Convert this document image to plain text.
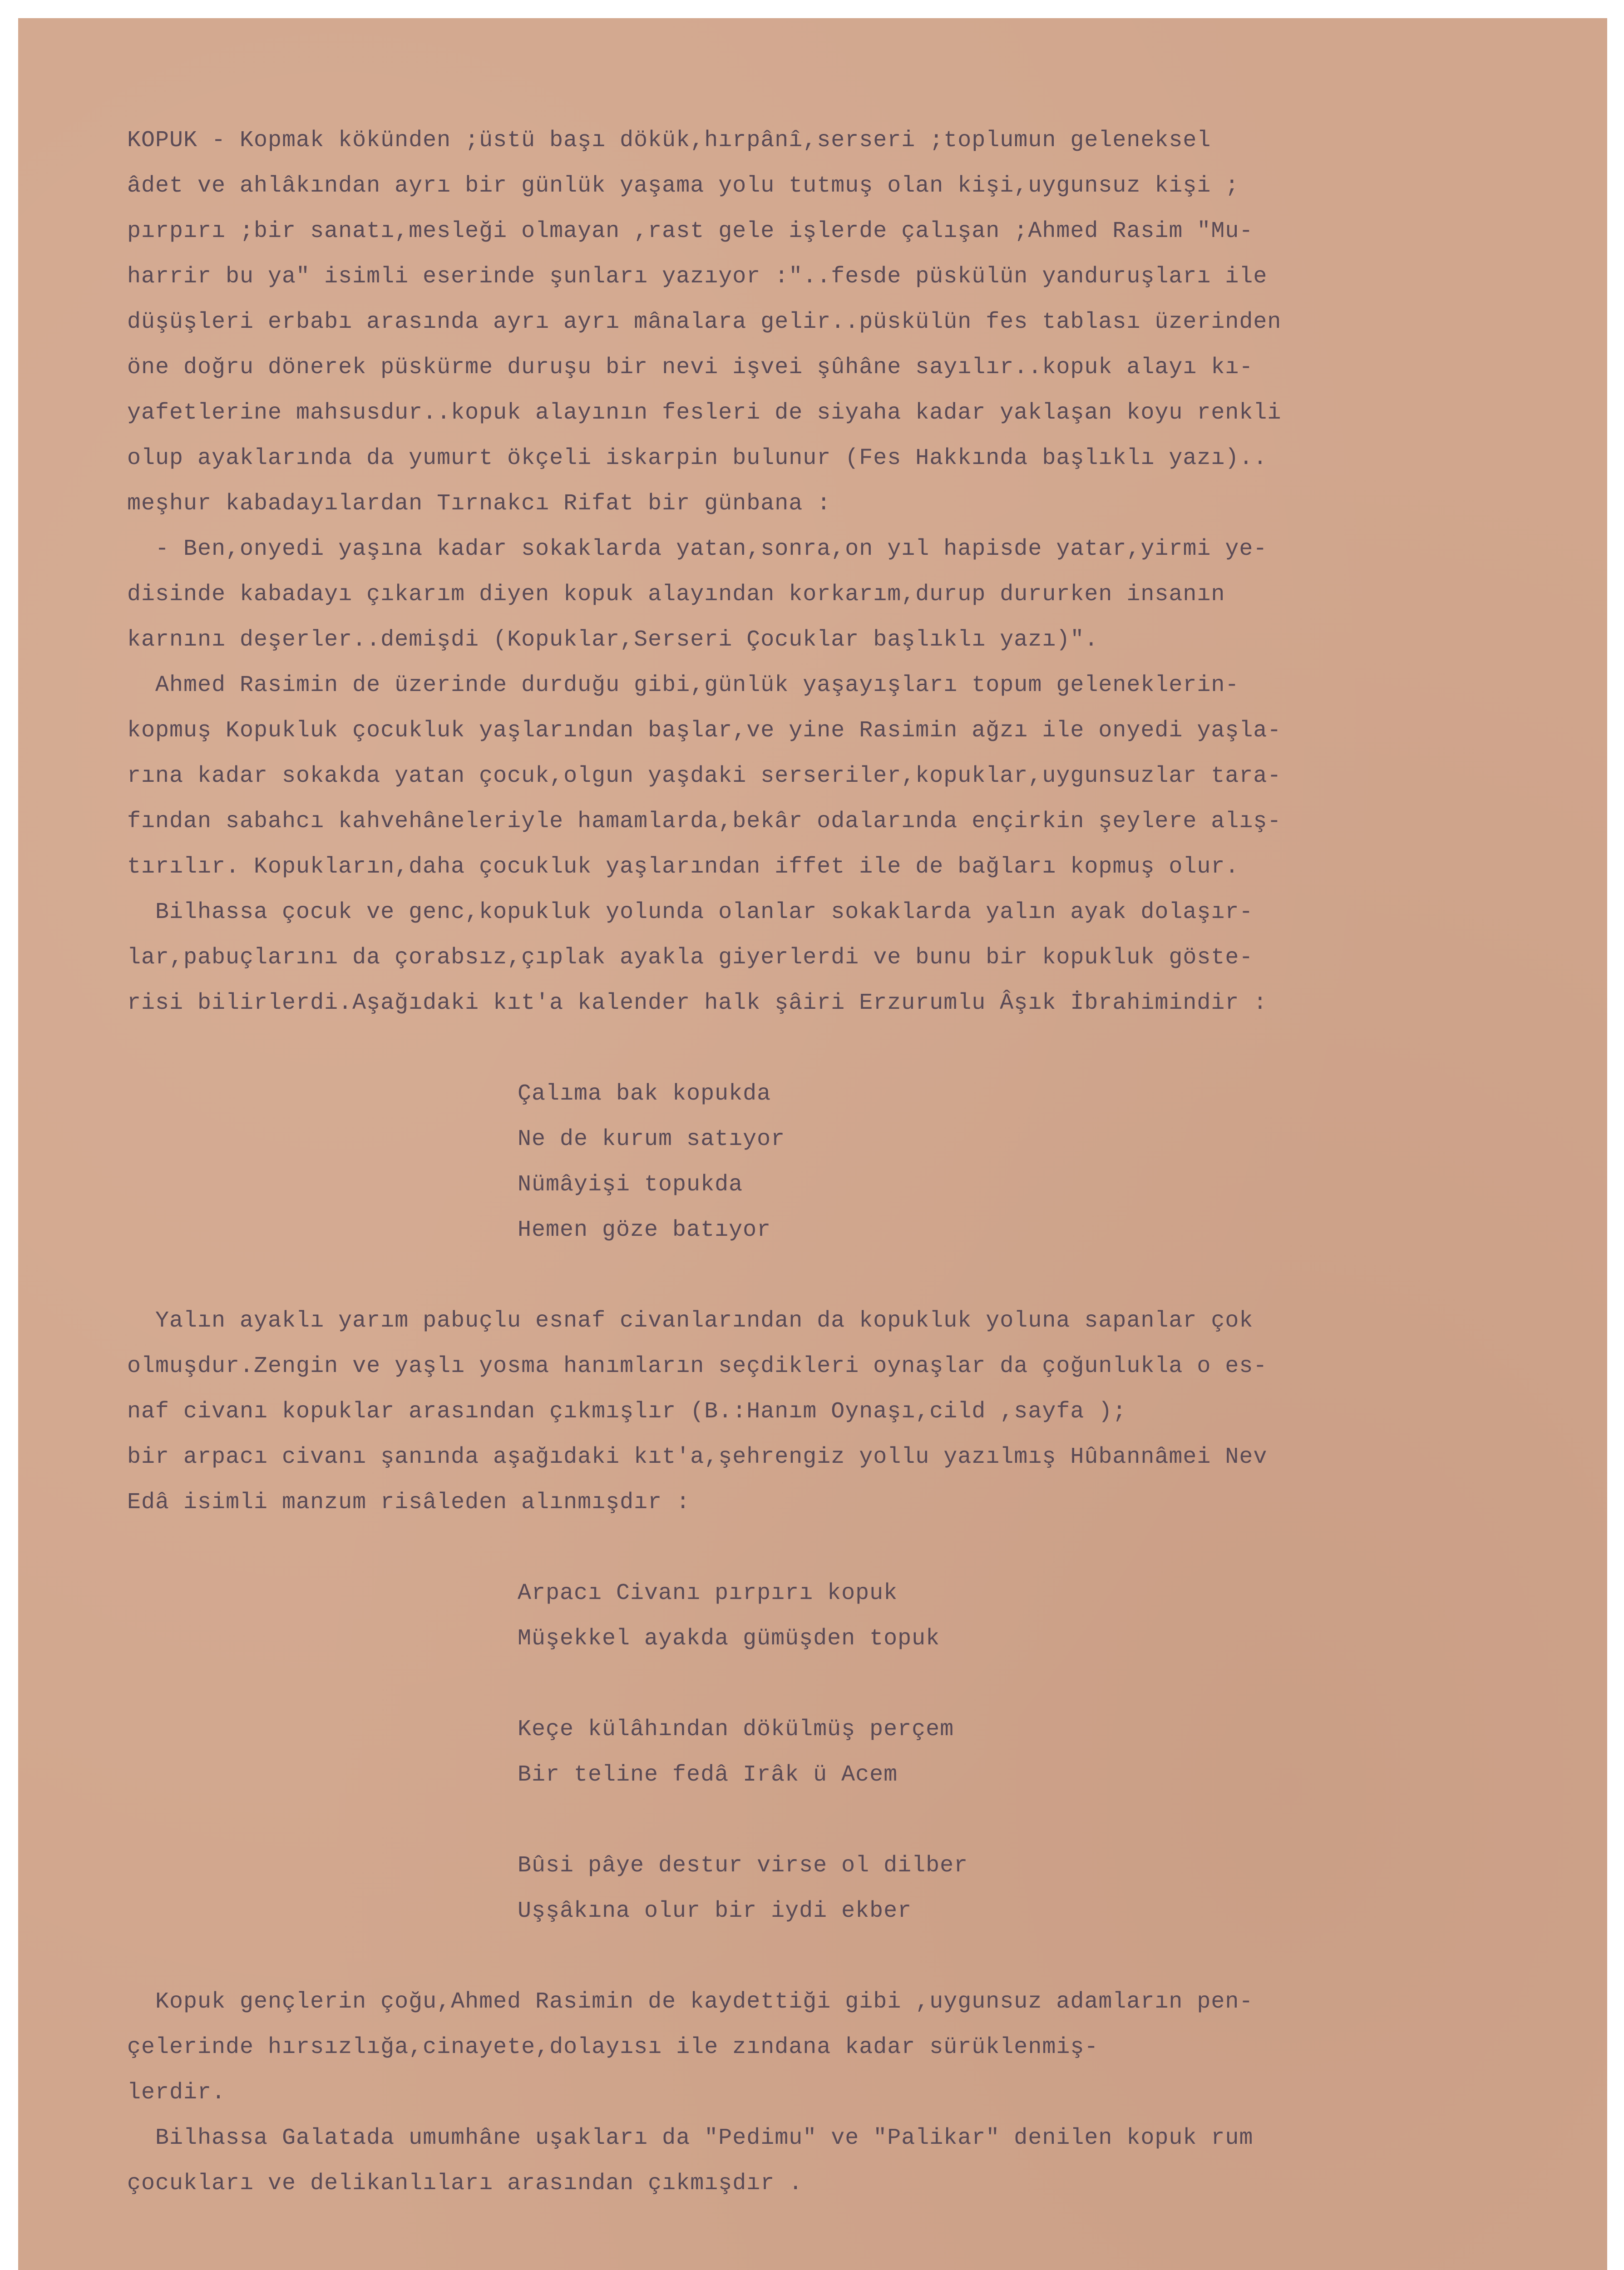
KOPUK - Kopmak kökünden ;üstü başı dökük,hırpânî,serseri ;toplumun geleneksel
âdet ve ahlâkından ayrı bir günlük yaşama yolu tutmuş olan kişi,uygunsuz kişi ;
pırpırı ;bir sanatı,mesleği olmayan ,rast gele işlerde çalışan ;Ahmed Rasim "Mu-
harrir bu ya" isimli eserinde şunları yazıyor :"..fesde püskülün yanduruşları ile
düşüşleri erbabı arasında ayrı ayrı mânalara gelir..püskülün fes tablası üzerinden
öne doğru dönerek püskürme duruşu bir nevi işvei şûhâne sayılır..kopuk alayı kı-
yafetlerine mahsusdur..kopuk alayının fesleri de siyaha kadar yaklaşan koyu renkli
olup ayaklarında da yumurt ökçeli iskarpin bulunur (Fes Hakkında başlıklı yazı)..
meşhur kabadayılardan Tırnakcı Rifat bir günbana :
- Ben,onyedi yaşına kadar sokaklarda yatan,sonra,on yıl hapisde yatar,yirmi ye-
disinde kabadayı çıkarım diyen kopuk alayından korkarım,durup dururken insanın
karnını deşerler..demişdi (Kopuklar,Serseri Çocuklar başlıklı yazı)".
Ahmed Rasimin de üzerinde durduğu gibi,günlük yaşayışları topum geleneklerin-
kopmuş Kopukluk çocukluk yaşlarından başlar,ve yine Rasimin ağzı ile onyedi yaşla-
rına kadar sokakda yatan çocuk,olgun yaşdaki serseriler,kopuklar,uygunsuzlar tara-
fından sabahcı kahvehâneleriyle hamamlarda,bekâr odalarında ençirkin şeylere alış-
tırılır. Kopukların,daha çocukluk yaşlarından iffet ile de bağları kopmuş olur.
Bilhassa çocuk ve genc,kopukluk yolunda olanlar sokaklarda yalın ayak dolaşır-
lar,pabuçlarını da çorabsız,çıplak ayakla giyerlerdi ve bunu bir kopukluk göste-
risi bilirlerdi.Aşağıdaki kıt'a kalender halk şâiri Erzurumlu Âşık İbrahimindir :
Çalıma bak kopukda
Ne de kurum satıyor
Nümâyişi topukda
Hemen göze batıyor
Yalın ayaklı yarım pabuçlu esnaf civanlarından da kopukluk yoluna sapanlar çok
olmuşdur.Zengin ve yaşlı yosma hanımların seçdikleri oynaşlar da çoğunlukla o es-
naf civanı kopuklar arasından çıkmışlır (B.:Hanım Oynaşı,cild ,sayfa );
bir arpacı civanı şanında aşağıdaki kıt'a,şehrengiz yollu yazılmış Hûbannâmei Nev
Edâ isimli manzum risâleden alınmışdır :
Arpacı Civanı pırpırı kopuk
Müşekkel ayakda gümüşden topuk
Keçe külâhından dökülmüş perçem
Bir teline fedâ Irâk ü Acem
Bûsi pâye destur virse ol dilber
Uşşâkına olur bir iydi ekber
Kopuk gençlerin çoğu,Ahmed Rasimin de kaydettiği gibi ,uygunsuz adamların pen-
çelerinde hırsızlığa,cinayete,dolayısı ile zındana kadar sürüklenmiş-
lerdir.
Bilhassa Galatada umumhâne uşakları da "Pedimu" ve "Palikar" denilen kopuk rum
çocukları ve delikanlıları arasından çıkmışdır .
